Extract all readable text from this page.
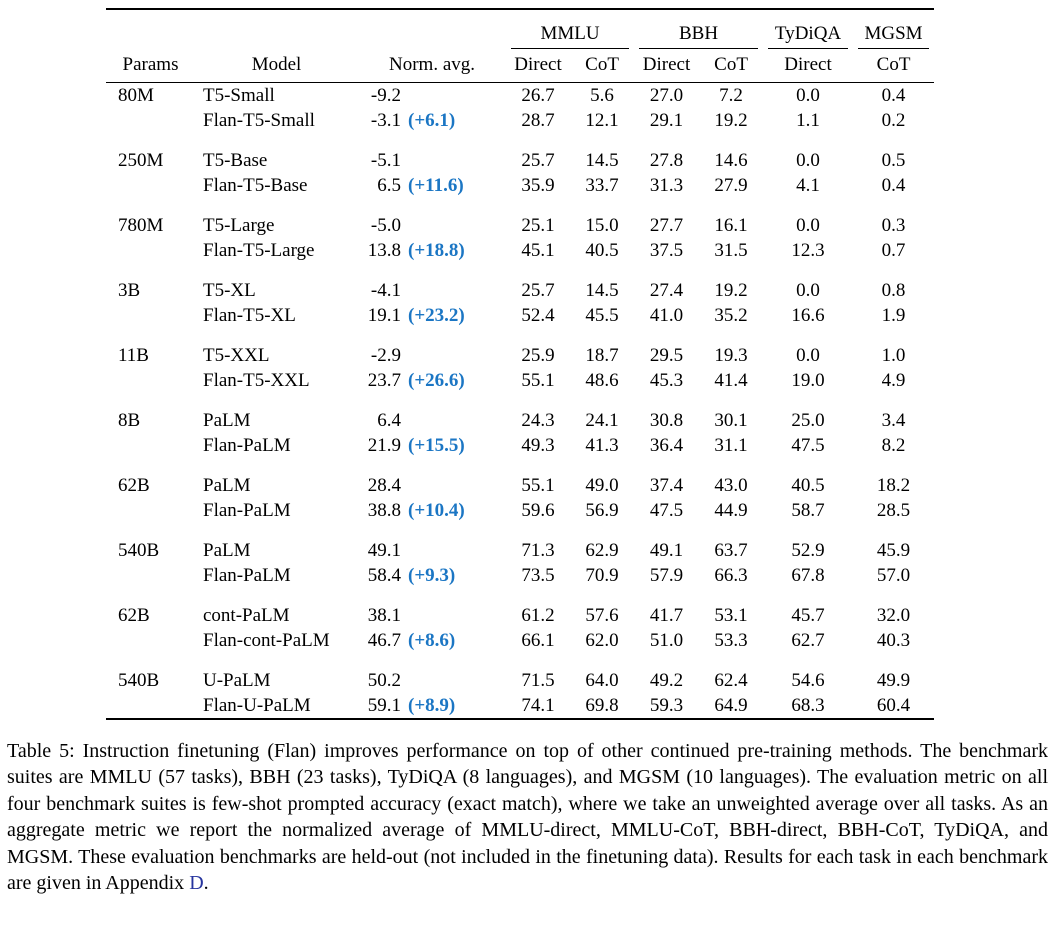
			MMLU		BBH		TyDiQA	MGSM
Params	Model	Norm. avg.	Direct	CoT	Direct	CoT	Direct	CoT
80M	T5-Small	-9.2	26.7	5.6	27.0	7.2	0.0	0.4
	Flan-T5-Small	-3.1 (+6.1)	28.7	12.1	29.1	19.2	1.1	0.2
250M	T5-Base	-5.1	25.7	14.5	27.8	14.6	0.0	0.5
	Flan-T5-Base	6.5 (+11.6)	35.9	33.7	31.3	27.9	4.1	0.4
780M	T5-Large	-5.0	25.1	15.0	27.7	16.1	0.0	0.3
	Flan-T5-Large	13.8 (+18.8)	45.1	40.5	37.5	31.5	12.3	0.7
3B	T5-XL	-4.1	25.7	14.5	27.4	19.2	0.0	0.8
	Flan-T5-XL	19.1 (+23.2)	52.4	45.5	41.0	35.2	16.6	1.9
11B	T5-XXL	-2.9	25.9	18.7	29.5	19.3	0.0	1.0
	Flan-T5-XXL	23.7 (+26.6)	55.1	48.6	45.3	41.4	19.0	4.9
8B	PaLM	6.4	24.3	24.1	30.8	30.1	25.0	3.4
	Flan-PaLM	21.9 (+15.5)	49.3	41.3	36.4	31.1	47.5	8.2
62B	PaLM	28.4	55.1	49.0	37.4	43.0	40.5	18.2
	Flan-PaLM	38.8 (+10.4)	59.6	56.9	47.5	44.9	58.7	28.5
540B	PaLM	49.1	71.3	62.9	49.1	63.7	52.9	45.9
	Flan-PaLM	58.4 (+9.3)	73.5	70.9	57.9	66.3	67.8	57.0
62B	cont-PaLM	38.1	61.2	57.6	41.7	53.1	45.7	32.0
	Flan-cont-PaLM	46.7 (+8.6)	66.1	62.0	51.0	53.3	62.7	40.3
540B	U-PaLM	50.2	71.5	64.0	49.2	62.4	54.6	49.9
	Flan-U-PaLM	59.1 (+8.9)	74.1	69.8	59.3	64.9	68.3	60.4

Table 5: Instruction finetuning (Flan) improves performance on top of other continued pre-training methods. The benchmark suites are MMLU (57 tasks), BBH (23 tasks), TyDiQA (8 languages), and MGSM (10 languages). The evaluation metric on all four benchmark suites is few-shot prompted accuracy (exact match), where we take an unweighted average over all tasks. As an aggregate metric we report the normalized average of MMLU-direct, MMLU-CoT, BBH-direct, BBH-CoT, TyDiQA, and MGSM. These evaluation benchmarks are held-out (not included in the finetuning data). Results for each task in each benchmark are given in Appendix D.
